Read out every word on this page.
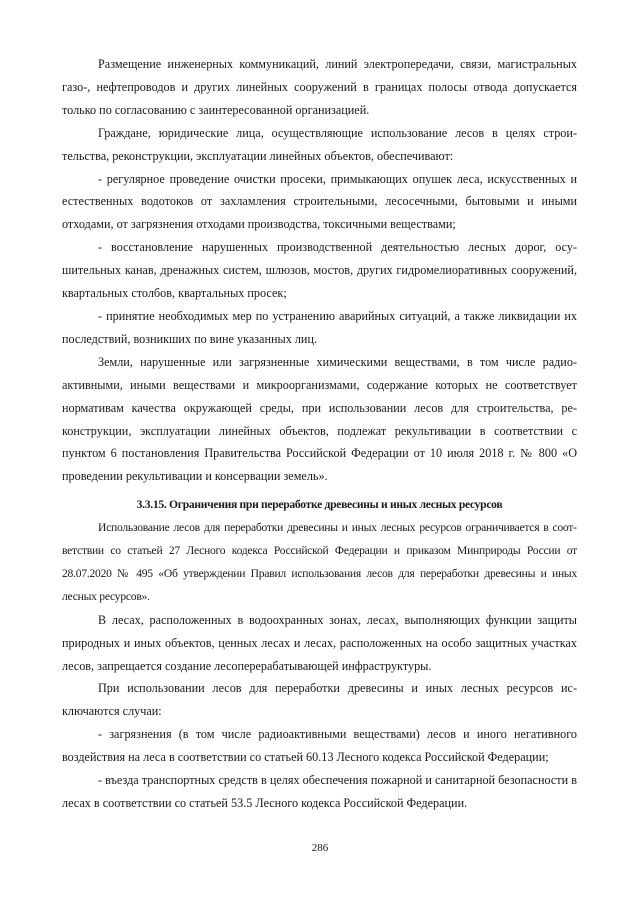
Размещение инженерных коммуникаций, линий электропередачи, связи, магистральных газо-, нефтепроводов и других линейных сооружений в границах полосы отвода допускается только по согласованию с заинтересованной организацией.

Граждане, юридические лица, осуществляющие использование лесов в целях строительства, реконструкции, эксплуатации линейных объектов, обеспечивают:

- регулярное проведение очистки просеки, примыкающих опушек леса, искусственных и естественных водотоков от захламления строительными, лесосечными, бытовыми и иными отходами, от загрязнения отходами производства, токсичными веществами;

- восстановление нарушенных производственной деятельностью лесных дорог, осушительных канав, дренажных систем, шлюзов, мостов, других гидромелиоративных сооружений, квартальных столбов, квартальных просек;

- принятие необходимых мер по устранению аварийных ситуаций, а также ликвидации их последствий, возникших по вине указанных лиц.

Земли, нарушенные или загрязненные химическими веществами, в том числе радиоактивными, иными веществами и микроорганизмами, содержание которых не соответствует нормативам качества окружающей среды, при использовании лесов для строительства, реконструкции, эксплуатации линейных объектов, подлежат рекультивации в соответствии с пунктом 6 постановления Правительства Российской Федерации от 10 июля 2018 г. № 800 «О проведении рекультивации и консервации земель».

3.3.15. Ограничения при переработке древесины и иных лесных ресурсов

Использование лесов для переработки древесины и иных лесных ресурсов ограничивается в соответствии со статьей 27 Лесного кодекса Российской Федерации и приказом Минприроды России от 28.07.2020 № 495 «Об утверждении Правил использования лесов для переработки древесины и иных лесных ресурсов».

В лесах, расположенных в водоохранных зонах, лесах, выполняющих функции защиты природных и иных объектов, ценных лесах и лесах, расположенных на особо защитных участках лесов, запрещается создание лесоперерабатывающей инфраструктуры.

При использовании лесов для переработки древесины и иных лесных ресурсов исключаются случаи:

- загрязнения (в том числе радиоактивными веществами) лесов и иного негативного воздействия на леса в соответствии со статьей 60.13 Лесного кодекса Российской Федерации;

- въезда транспортных средств в целях обеспечения пожарной и санитарной безопасности в лесах в соответствии со статьей 53.5 Лесного кодекса Российской Федерации.

286
